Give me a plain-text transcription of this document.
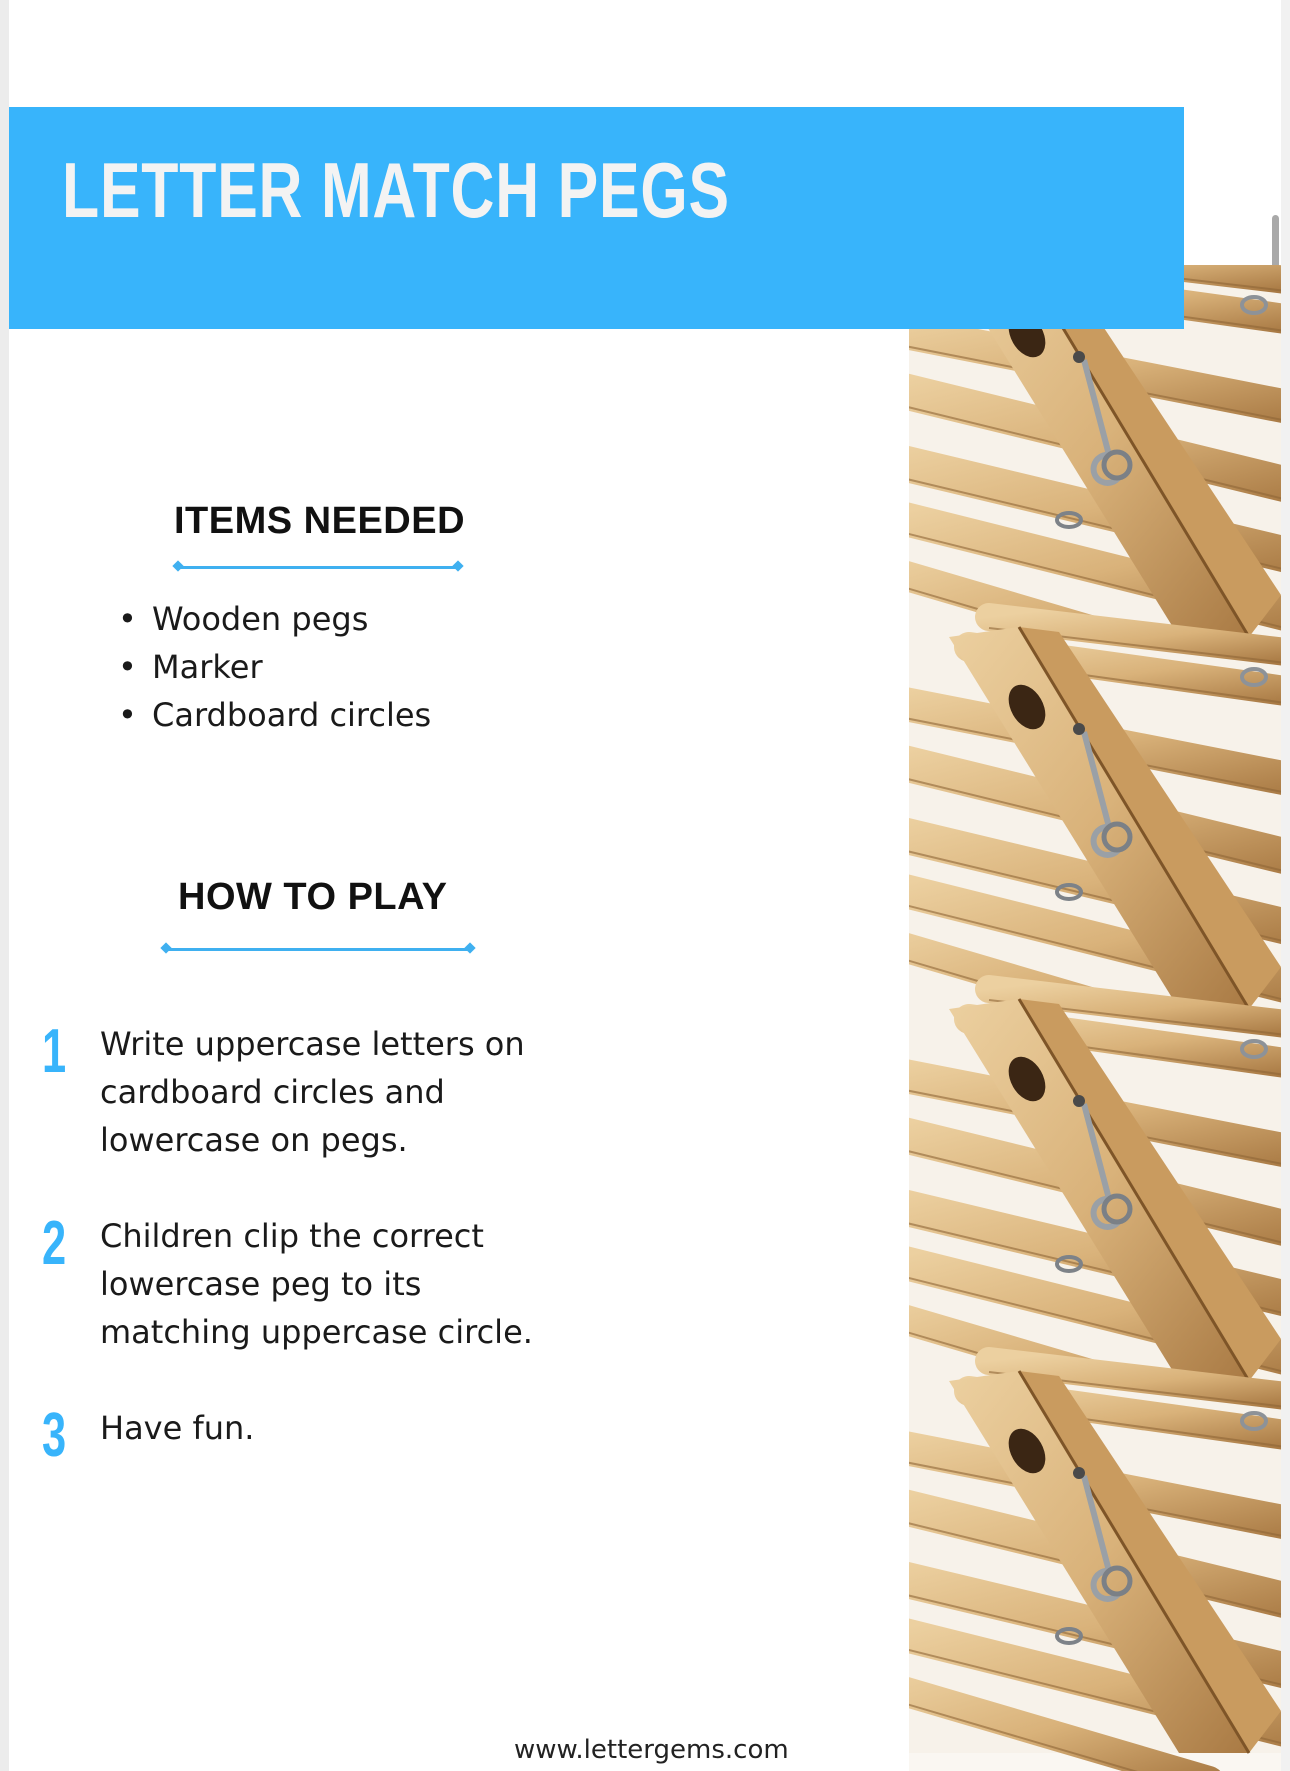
LETTER MATCH PEGS
ITEMS NEEDED
• Wooden pegs
• Marker
• Cardboard circles
HOW TO PLAY
1 Write uppercase letters on cardboard circles and lowercase on pegs.
2 Children clip the correct lowercase peg to its matching uppercase circle.
3 Have fun.
www.lettergems.com
